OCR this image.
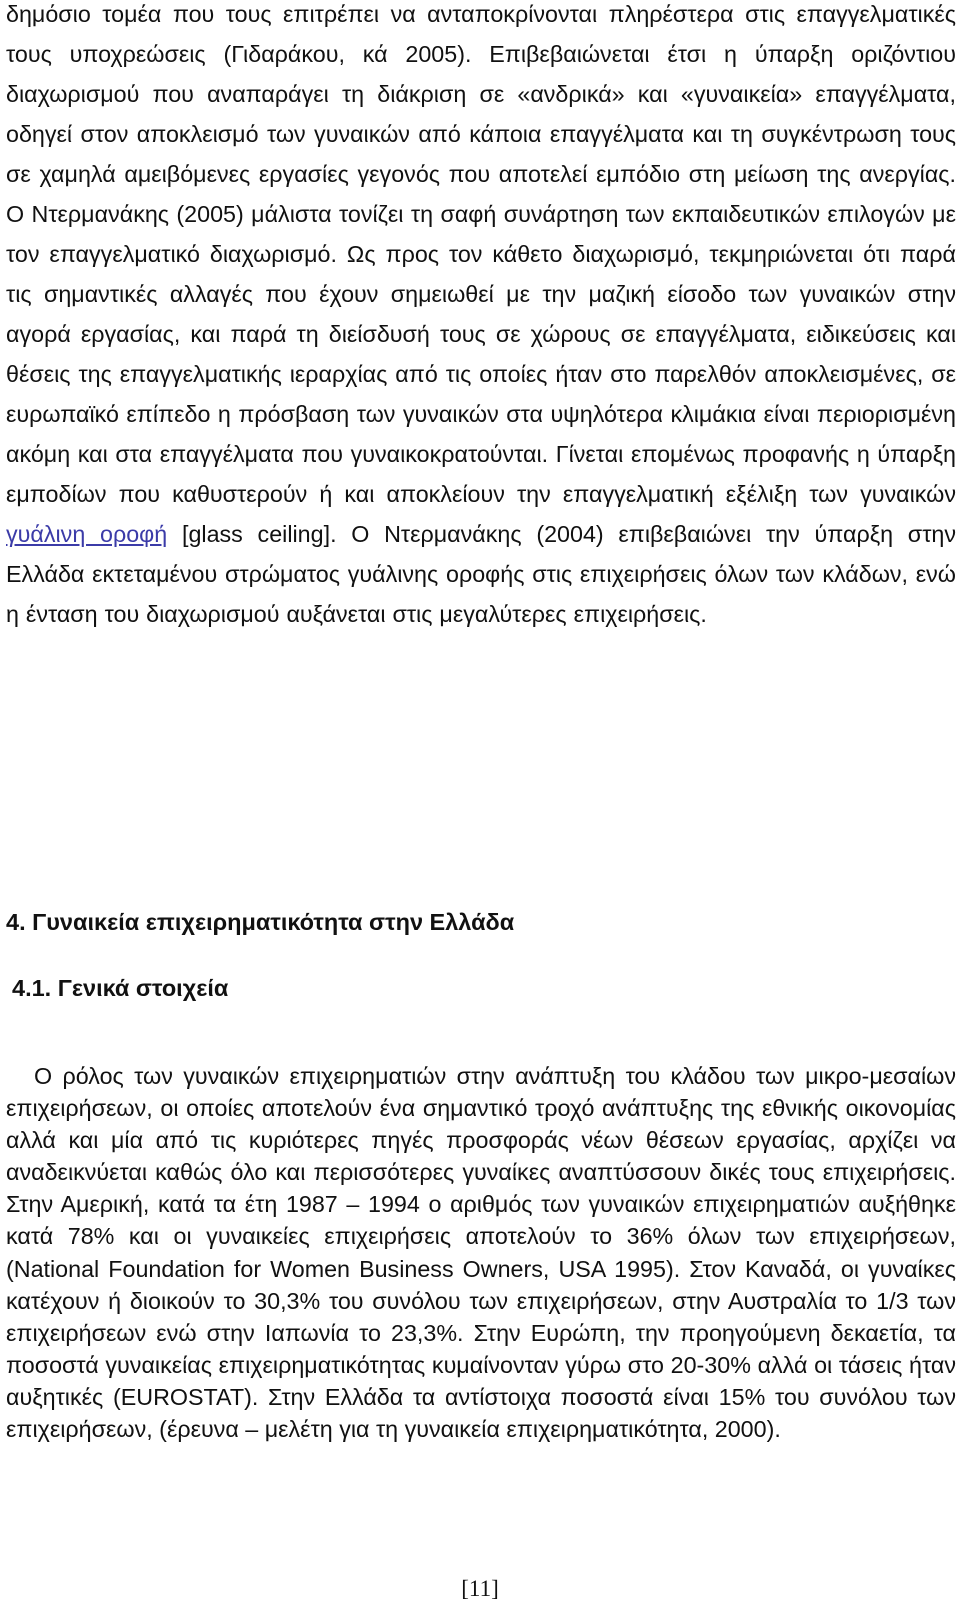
δημόσιο τομέα που τους επιτρέπει να ανταποκρίνονται πληρέστερα στις επαγγελματικές τους υποχρεώσεις (Γιδαράκου, κά 2005). Επιβεβαιώνεται έτσι η ύπαρξη οριζόντιου διαχωρισμού που αναπαράγει τη διάκριση σε «ανδρικά» και «γυναικεία» επαγγέλματα, οδηγεί στον αποκλεισμό των γυναικών από κάποια επαγγέλματα και τη συγκέντρωση τους σε χαμηλά αμειβόμενες εργασίες γεγονός που αποτελεί εμπόδιο στη μείωση της ανεργίας. Ο Ντερμανάκης (2005) μάλιστα τονίζει τη σαφή συνάρτηση των εκπαιδευτικών επιλογών με τον επαγγελματικό διαχωρισμό. Ως προς τον κάθετο διαχωρισμό, τεκμηριώνεται ότι παρά τις σημαντικές αλλαγές που έχουν σημειωθεί με την μαζική είσοδο των γυναικών στην αγορά εργασίας, και παρά τη διείσδυσή τους σε χώρους σε επαγγέλματα, ειδικεύσεις και θέσεις της επαγγελματικής ιεραρχίας από τις οποίες ήταν στο παρελθόν αποκλεισμένες, σε ευρωπαϊκό επίπεδο η πρόσβαση των γυναικών στα υψηλότερα κλιμάκια είναι περιορισμένη ακόμη και στα επαγγέλματα που γυναικοκρατούνται. Γίνεται επομένως προφανής η ύπαρξη εμποδίων που καθυστερούν ή και αποκλείουν την επαγγελματική εξέλιξη των γυναικών γυάλινη οροφή [glass ceiling]. Ο Ντερμανάκης (2004) επιβεβαιώνει την ύπαρξη στην Ελλάδα εκτεταμένου στρώματος γυάλινης οροφής στις επιχειρήσεις όλων των κλάδων, ενώ η ένταση του διαχωρισμού αυξάνεται στις μεγαλύτερες επιχειρήσεις.

4. Γυναικεία επιχειρηματικότητα στην Ελλάδα
4.1. Γενικά στοιχεία

Ο ρόλος των γυναικών επιχειρηματιών στην ανάπτυξη του κλάδου των μικρο-μεσαίων επιχειρήσεων, οι οποίες αποτελούν ένα σημαντικό τροχό ανάπτυξης της εθνικής οικονομίας αλλά και μία από τις κυριότερες πηγές προσφοράς νέων θέσεων εργασίας, αρχίζει να αναδεικνύεται καθώς όλο και περισσότερες γυναίκες αναπτύσσουν δικές τους επιχειρήσεις. Στην Αμερική, κατά τα έτη 1987 – 1994 ο αριθμός των γυναικών επιχειρηματιών αυξήθηκε κατά 78% και οι γυναικείες επιχειρήσεις αποτελούν το 36% όλων των επιχειρήσεων, (National Foundation for Women Business Owners, USA 1995). Στον Καναδά, οι γυναίκες κατέχουν ή διοικούν το 30,3% του συνόλου των επιχειρήσεων, στην Αυστραλία το 1/3 των επιχειρήσεων ενώ στην Ιαπωνία το 23,3%. Στην Ευρώπη, την προηγούμενη δεκαετία, τα ποσοστά γυναικείας επιχειρηματικότητας κυμαίνονταν γύρω στο 20-30% αλλά οι τάσεις ήταν αυξητικές (EUROSTAT). Στην Ελλάδα τα αντίστοιχα ποσοστά είναι 15% του συνόλου των επιχειρήσεων, (έρευνα – μελέτη για τη γυναικεία επιχειρηματικότητα, 2000).

[11]
